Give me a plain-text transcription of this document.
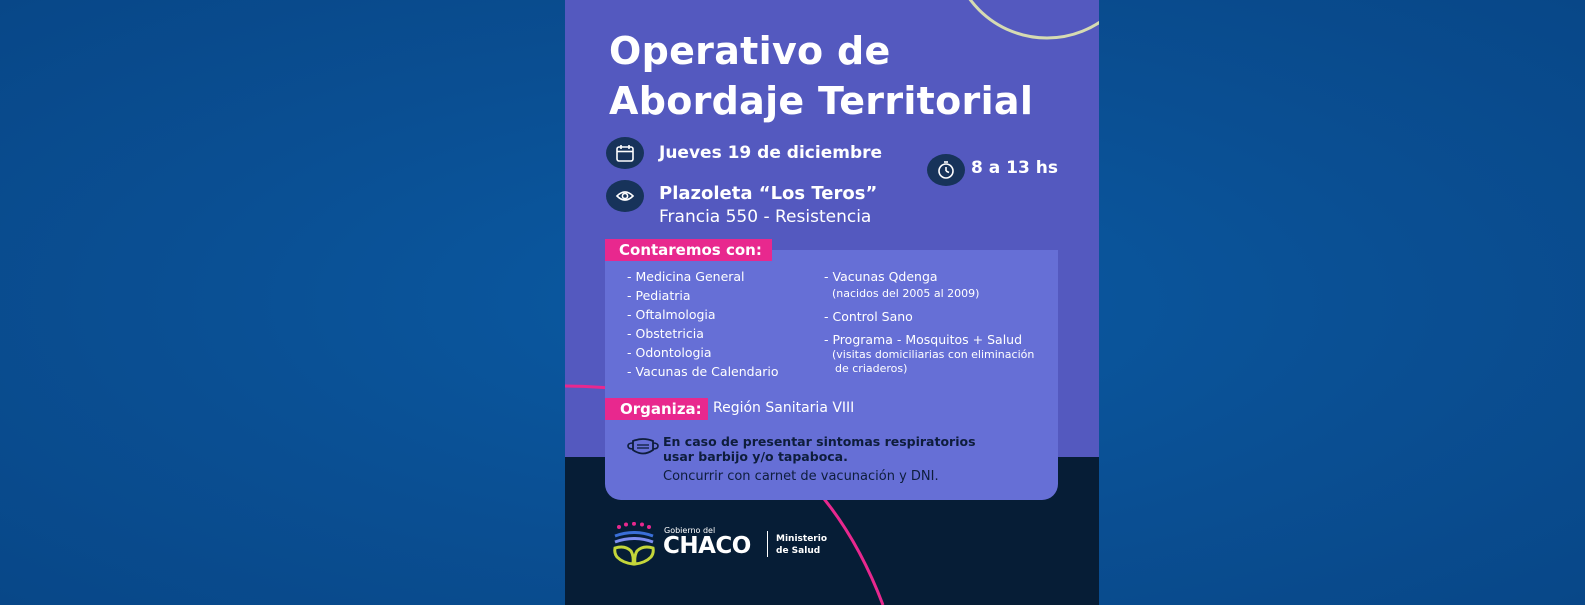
Operativo de
Abordaje Territorial
Jueves 19 de diciembre
8 a 13 hs
Plazoleta “Los Teros”
Francia 550 - Resistencia
- Medicina General
- Pediatria
- Oftalmologia
- Obstetricia
- Odontologia
- Vacunas de Calendario
- Vacunas Qdenga
(nacidos del 2005 al 2009)
- Control Sano
- Programa - Mosquitos + Salud
(visitas domiciliarias con eliminación
de criaderos)
Región Sanitaria VIII
En caso de presentar sintomas respiratorios
usar barbijo y/o tapaboca.
Concurrir con carnet de vacunación y DNI.
Contaremos con:
Organiza:
Gobierno del
CHACO	Ministerio
de Salud
